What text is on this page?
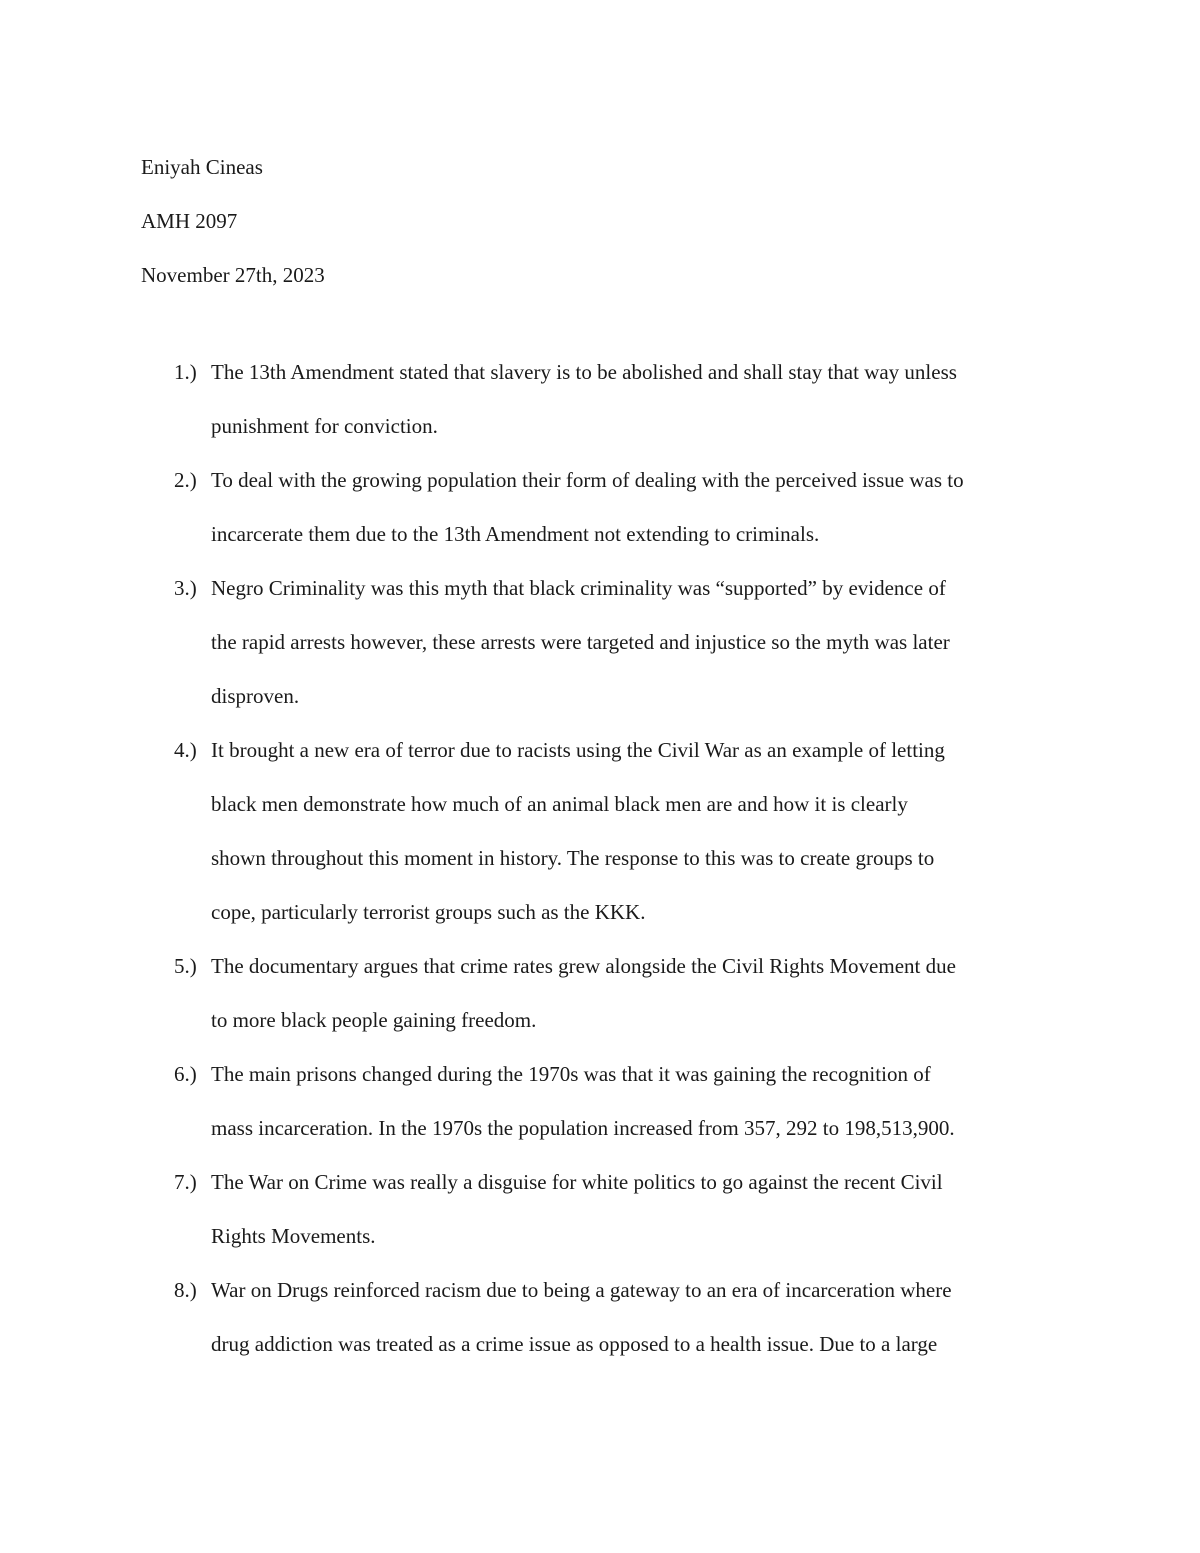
Eniyah Cineas
AMH 2097
November 27th, 2023
1.) The 13th Amendment stated that slavery is to be abolished and shall stay that way unless
punishment for conviction.
2.) To deal with the growing population their form of dealing with the perceived issue was to
incarcerate them due to the 13th Amendment not extending to criminals.
3.) Negro Criminality was this myth that black criminality was “supported” by evidence of
the rapid arrests however, these arrests were targeted and injustice so the myth was later
disproven.
4.) It brought a new era of terror due to racists using the Civil War as an example of letting
black men demonstrate how much of an animal black men are and how it is clearly
shown throughout this moment in history. The response to this was to create groups to
cope, particularly terrorist groups such as the KKK.
5.) The documentary argues that crime rates grew alongside the Civil Rights Movement due
to more black people gaining freedom.
6.) The main prisons changed during the 1970s was that it was gaining the recognition of
mass incarceration. In the 1970s the population increased from 357, 292 to 198,513,900.
7.) The War on Crime was really a disguise for white politics to go against the recent Civil
Rights Movements.
8.) War on Drugs reinforced racism due to being a gateway to an era of incarceration where
drug addiction was treated as a crime issue as opposed to a health issue. Due to a large
